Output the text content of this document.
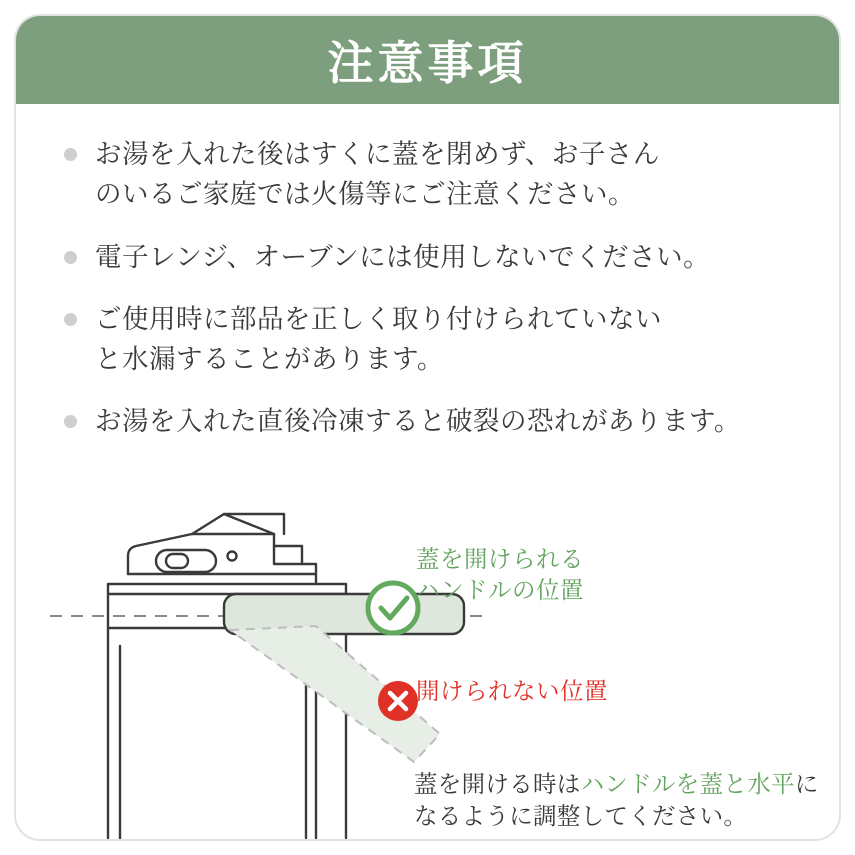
注意事項
お湯を入れた後はすくに蓋を閉めず、お子さん
のいるご家庭では火傷等にご注意ください。
電子レンジ、オーブンには使用しないでください。
ご使用時に部品を正しく取り付けられていない
と水漏することがあります。
お湯を入れた直後冷凍すると破裂の恐れがあります。
蓋を開けられる
ハンドルの位置
開けられない位置
蓋を開ける時はハンドルを蓋と水平になるように調整してください。
